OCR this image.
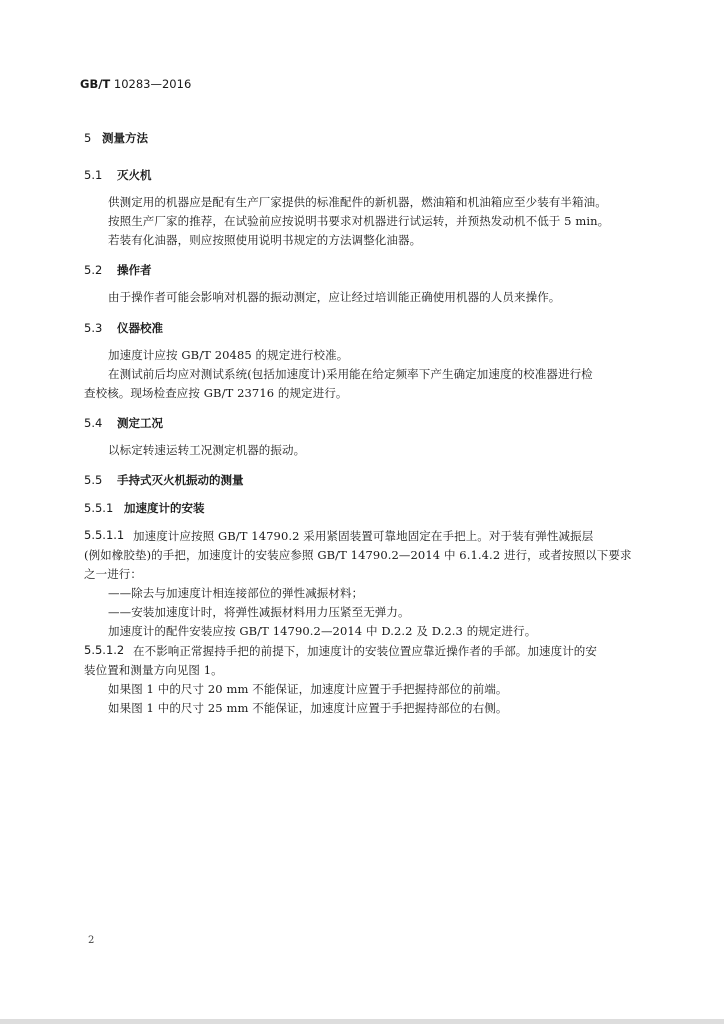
GB/T 10283—2016
5 测量方法
5.1 灭火机
供测定用的机器应是配有生产厂家提供的标准配件的新机器，燃油箱和机油箱应至少装有半箱油。
按照生产厂家的推荐，在试验前应按说明书要求对机器进行试运转，并预热发动机不低于 5 min。
若装有化油器，则应按照使用说明书规定的方法调整化油器。
5.2 操作者
由于操作者可能会影响对机器的振动测定，应让经过培训能正确使用机器的人员来操作。
5.3 仪器校准
加速度计应按 GB/T 20485 的规定进行校准。
在测试前后均应对测试系统(包括加速度计)采用能在给定频率下产生确定加速度的校准器进行检
查校核。现场检查应按 GB/T 23716 的规定进行。
5.4 测定工况
以标定转速运转工况测定机器的振动。
5.5 手持式灭火机振动的测量
5.5.1 加速度计的安装
5.5.1.1 加速度计应按照 GB/T 14790.2 采用紧固装置可靠地固定在手把上。对于装有弹性减振层
(例如橡胶垫)的手把，加速度计的安装应参照 GB/T 14790.2—2014 中 6.1.4.2 进行，或者按照以下要求
之一进行：
——除去与加速度计相连接部位的弹性减振材料；
——安装加速度计时，将弹性减振材料用力压紧至无弹力。
加速度计的配件安装应按 GB/T 14790.2—2014 中 D.2.2 及 D.2.3 的规定进行。
5.5.1.2 在不影响正常握持手把的前提下，加速度计的安装位置应靠近操作者的手部。加速度计的安
装位置和测量方向见图 1。
如果图 1 中的尺寸 20 mm 不能保证，加速度计应置于手把握持部位的前端。
如果图 1 中的尺寸 25 mm 不能保证，加速度计应置于手把握持部位的右侧。
2
